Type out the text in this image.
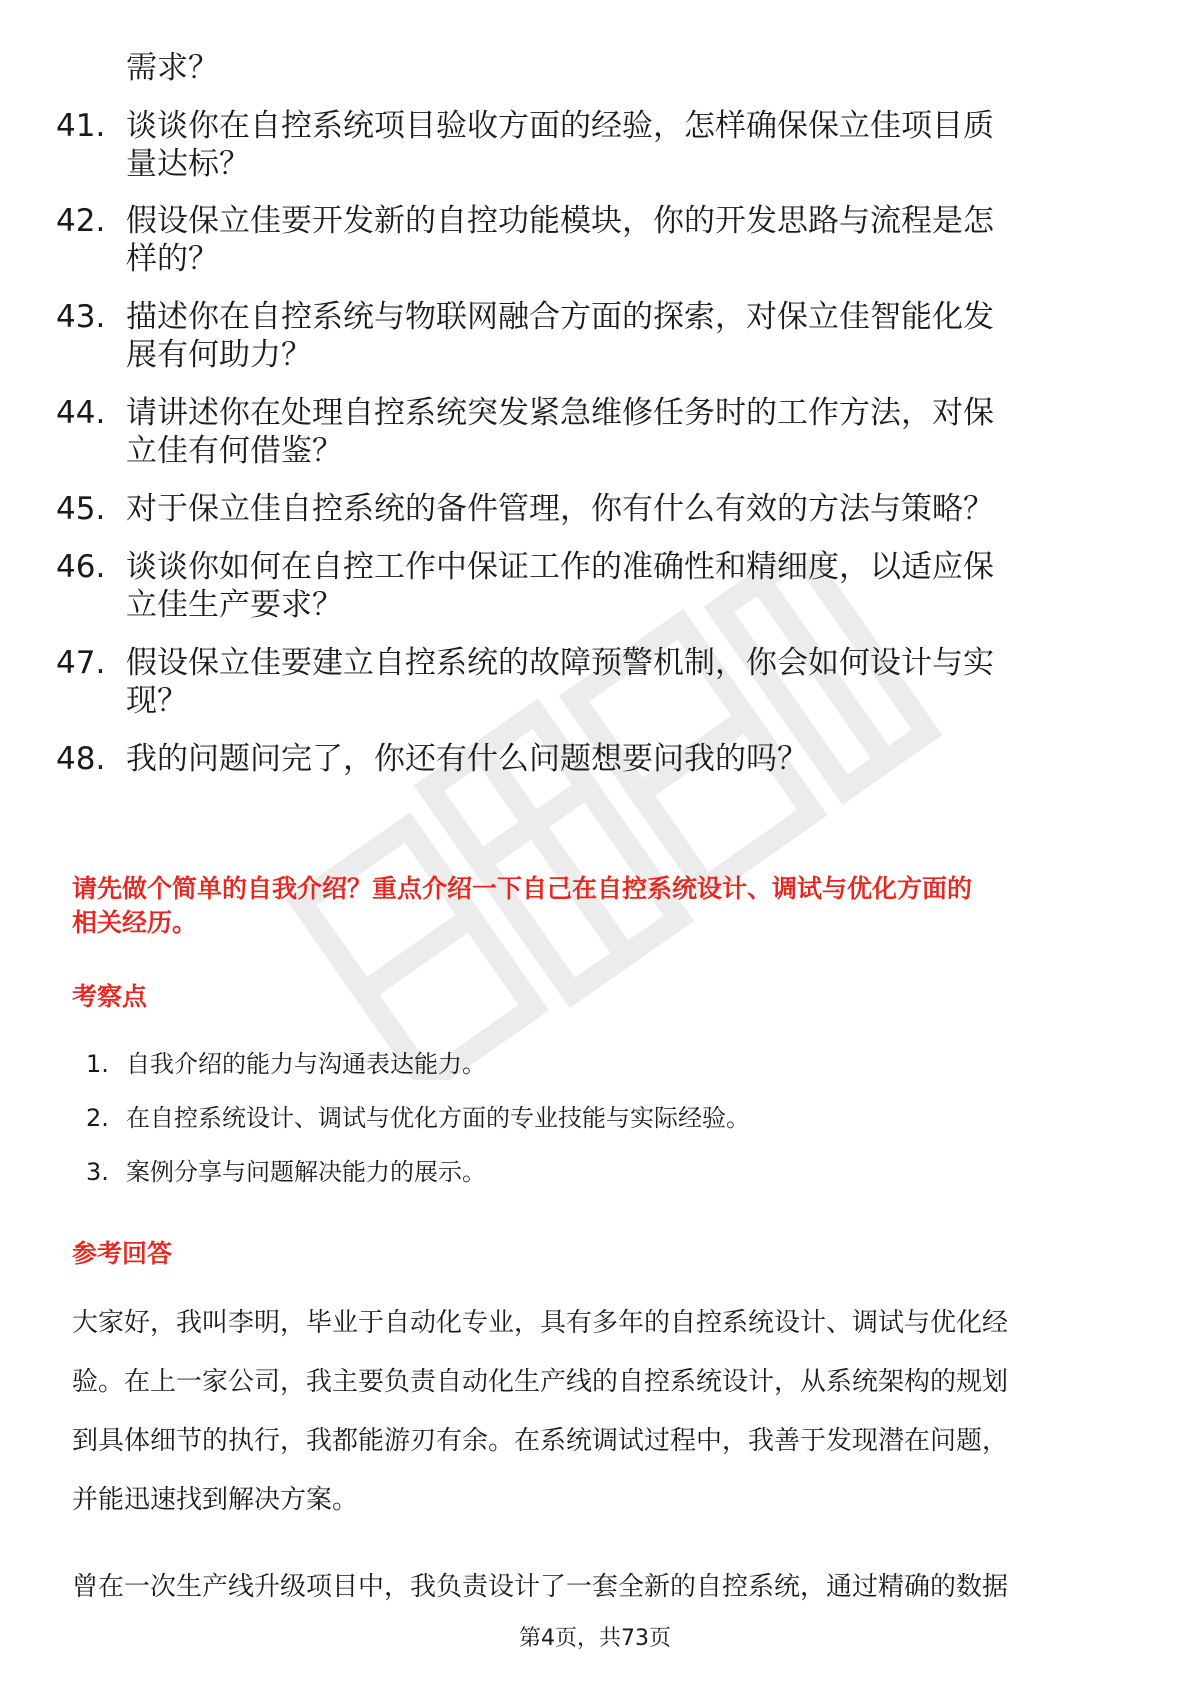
需求？
41. 谈谈你在自控系统项目验收方面的经验，怎样确保保立佳项目质
量达标？
42. 假设保立佳要开发新的自控功能模块，你的开发思路与流程是怎
样的？
43. 描述你在自控系统与物联网融合方面的探索，对保立佳智能化发
展有何助力？
44. 请讲述你在处理自控系统突发紧急维修任务时的工作方法，对保
立佳有何借鉴？
45. 对于保立佳自控系统的备件管理，你有什么有效的方法与策略？
46. 谈谈你如何在自控工作中保证工作的准确性和精细度，以适应保
立佳生产要求？
47. 假设保立佳要建立自控系统的故障预警机制，你会如何设计与实
现？
48. 我的问题问完了，你还有什么问题想要问我的吗？
请先做个简单的自我介绍？重点介绍一下自己在自控系统设计、调试与优化方面的
相关经历。
考察点
1. 自我介绍的能力与沟通表达能力。
2. 在自控系统设计、调试与优化方面的专业技能与实际经验。
3. 案例分享与问题解决能力的展示。
参考回答
大家好，我叫李明，毕业于自动化专业，具有多年的自控系统设计、调试与优化经
验。在上一家公司，我主要负责自动化生产线的自控系统设计，从系统架构的规划
到具体细节的执行，我都能游刃有余。在系统调试过程中，我善于发现潜在问题，
并能迅速找到解决方案。
曾在一次生产线升级项目中，我负责设计了一套全新的自控系统，通过精确的数据
第4页，共73页
